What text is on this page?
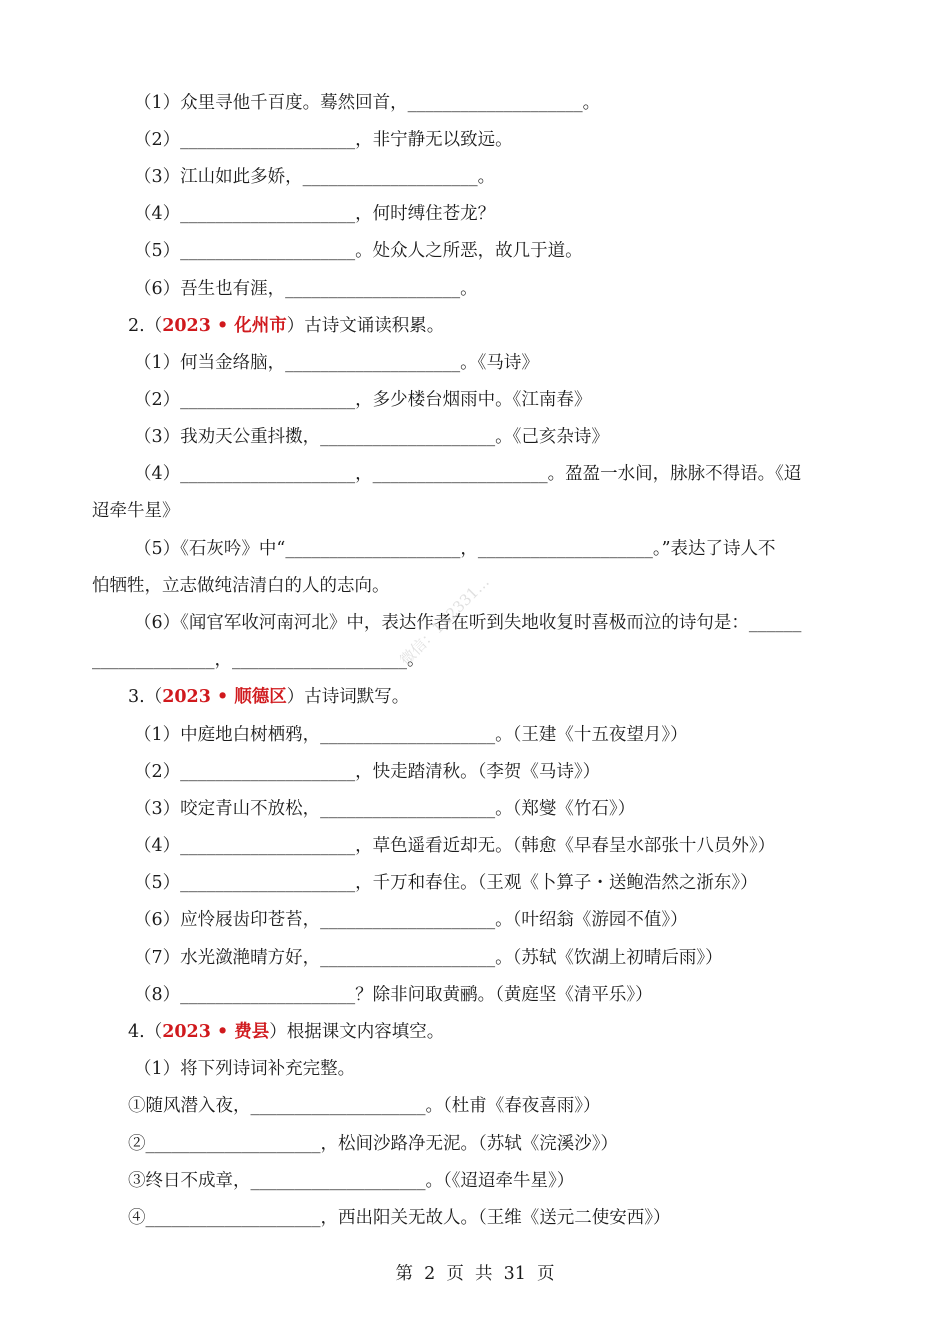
（1）众里寻他千百度。蓦然回首，____________________。
（2）____________________，非宁静无以致远。
（3）江山如此多娇，____________________。
（4）____________________，何时缚住苍龙？
（5）____________________。处众人之所恶，故几于道。
（6）吾生也有涯，____________________。
2.（2023 • 化州市）古诗文诵读积累。
（1）何当金络脑，____________________。《马诗》
（2）____________________，多少楼台烟雨中。《江南春》
（3）我劝天公重抖擞，____________________。《己亥杂诗》
（4）____________________，____________________。盈盈一水间，脉脉不得语。《迢
迢牵牛星》
（5）《石灰吟》中“____________________，____________________。”表达了诗人不
怕牺牲，立志做纯洁清白的人的志向。
（6）《闻官军收河南河北》中，表达作者在听到失地收复时喜极而泣的诗句是：______
______________，____________________。
3.（2023 • 顺德区）古诗词默写。
（1）中庭地白树栖鸦，____________________。（王建《十五夜望月》）
（2）____________________，快走踏清秋。（李贺《马诗》）
（3）咬定青山不放松，____________________。（郑燮《竹石》）
（4）____________________，草色遥看近却无。（韩愈《早春呈水部张十八员外》）
（5）____________________，千万和春住。（王观《卜算子・送鲍浩然之浙东》）
（6）应怜屐齿印苍苔，____________________。（叶绍翁《游园不值》）
（7）水光潋滟晴方好，____________________。（苏轼《饮湖上初晴后雨》）
（8）____________________？除非问取黄鹂。（黄庭坚《清平乐》）
4.（2023 • 费县）根据课文内容填空。
（1）将下列诗词补充完整。
①随风潜入夜，____________________。（杜甫《春夜喜雨》）
②____________________，松间沙路净无泥。（苏轼《浣溪沙》）
③终日不成章，____________________。（《迢迢牵牛星》）
④____________________，西出阳关无故人。（王维《送元二使安西》）
微信：1X2331…
第  2  页  共  31  页
